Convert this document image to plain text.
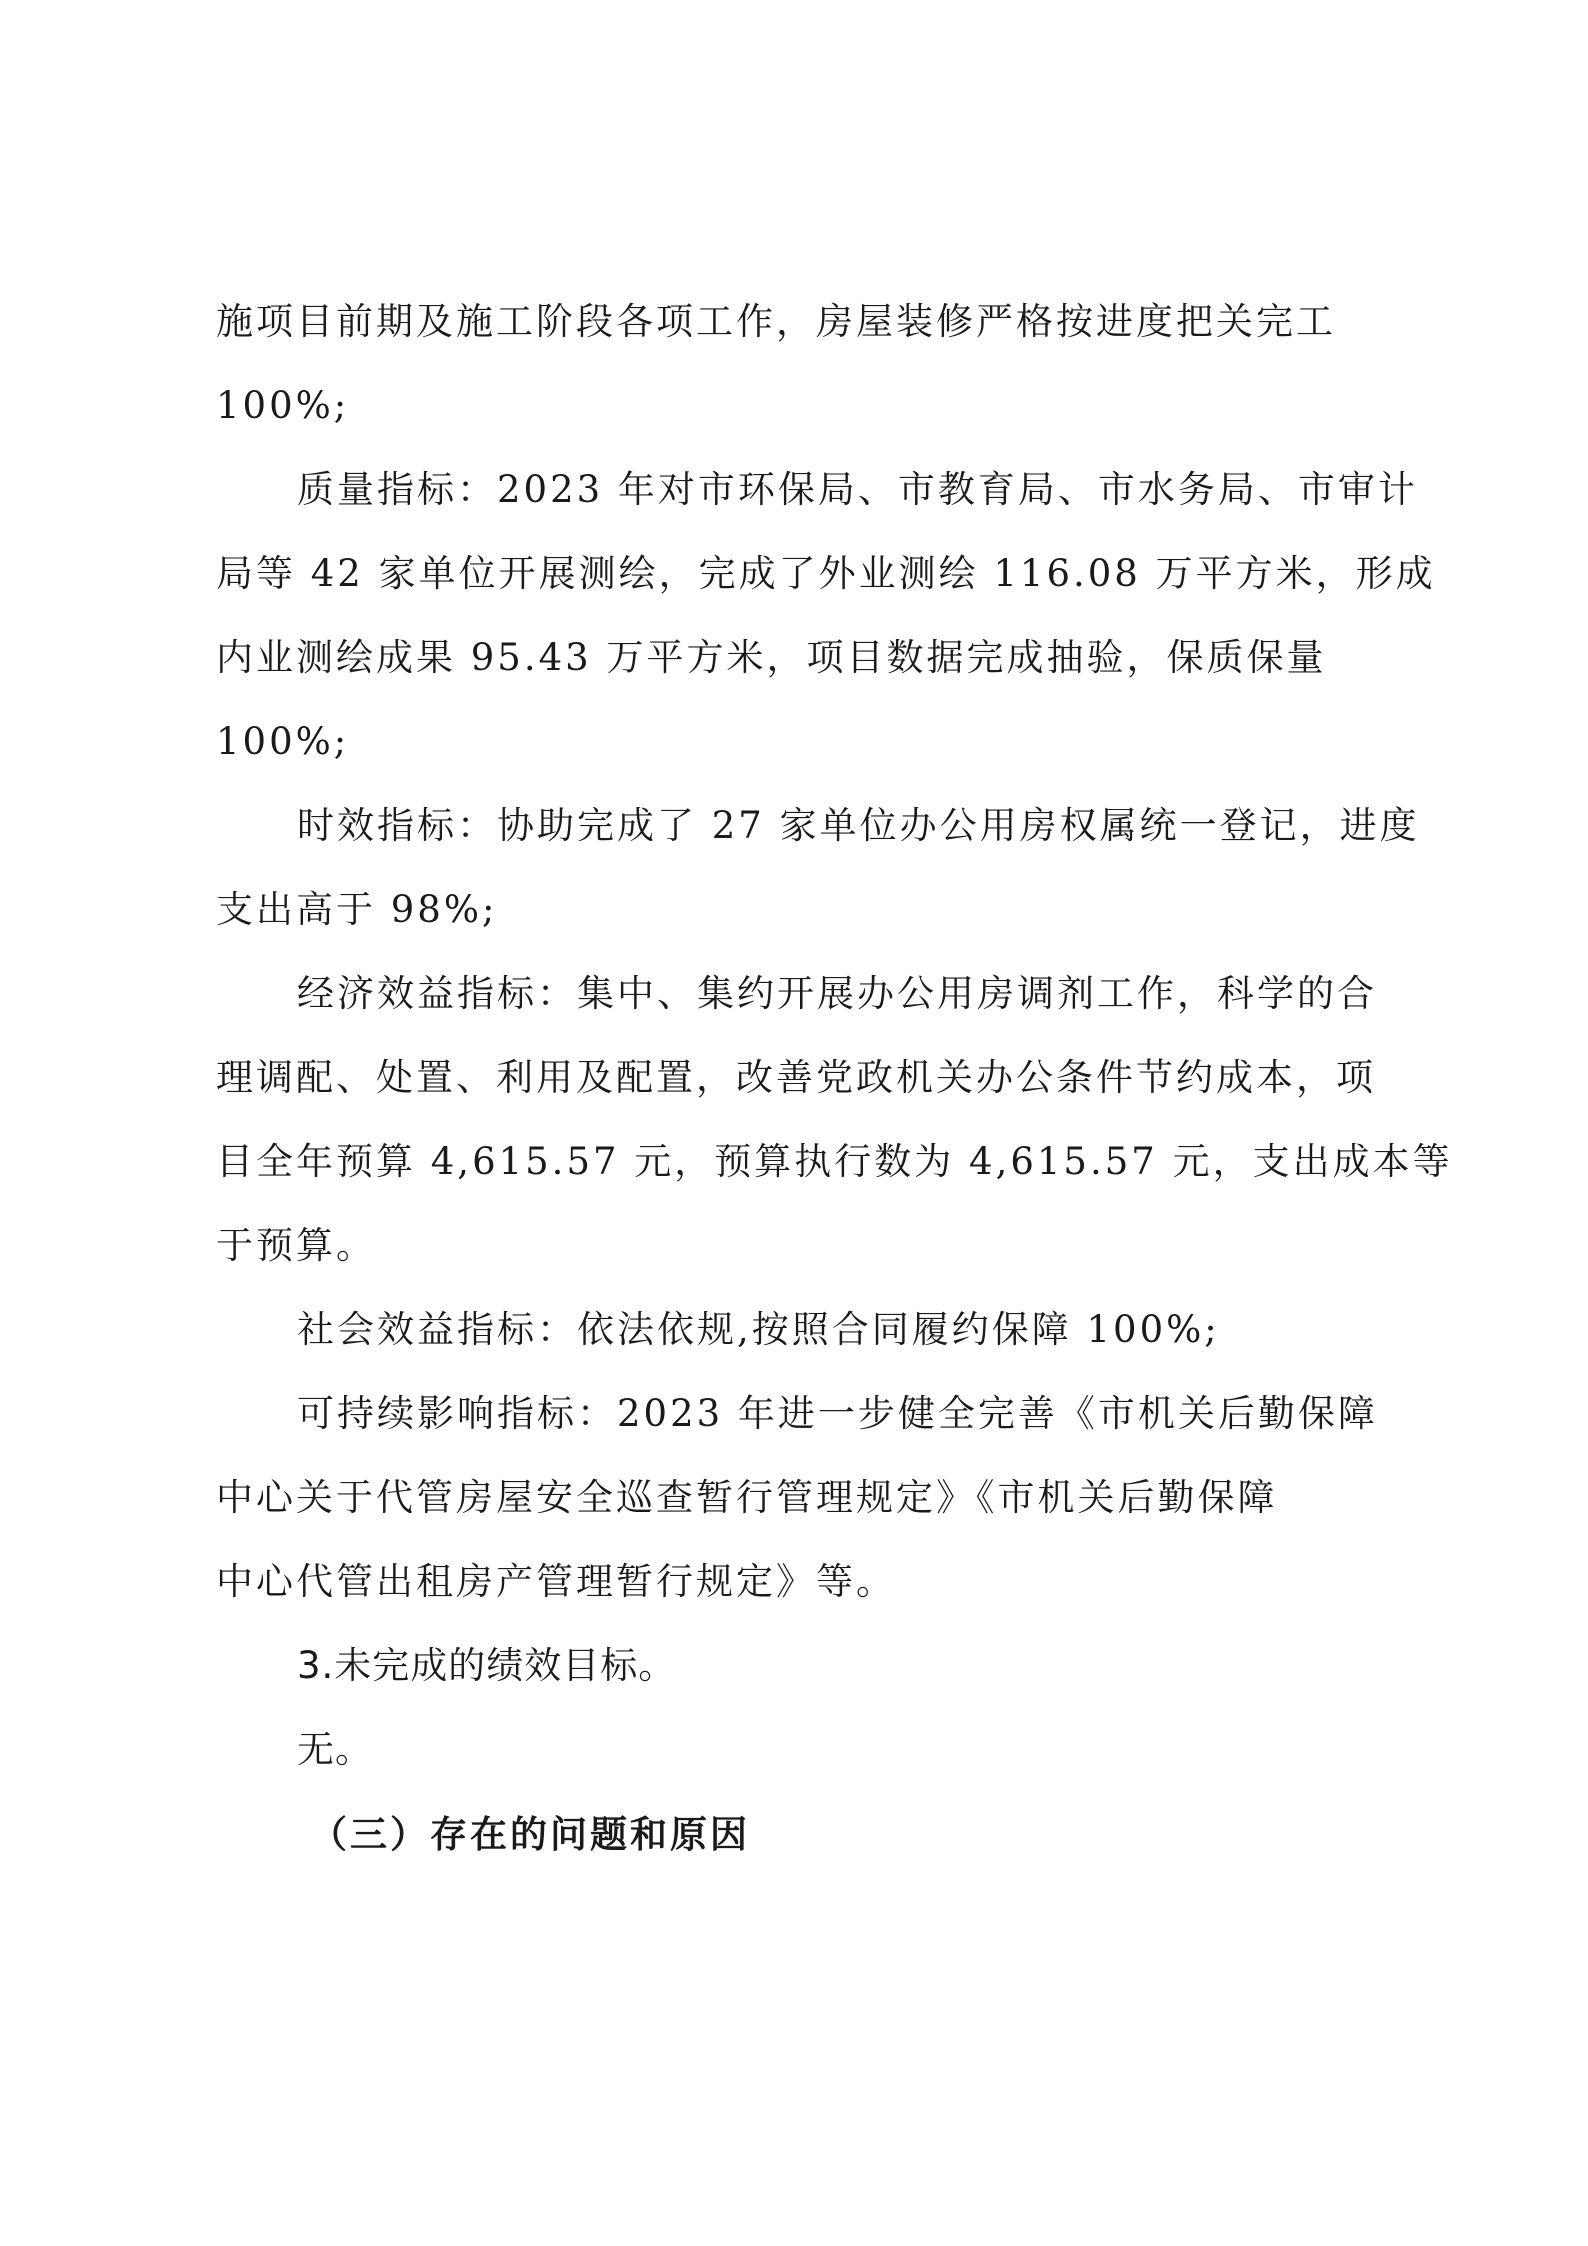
施项目前期及施工阶段各项工作，房屋装修严格按进度把关完工
100%;
质量指标：2023 年对市环保局、市教育局、市水务局、市审计
局等 42 家单位开展测绘，完成了外业测绘 116.08 万平方米，形成
内业测绘成果 95.43 万平方米，项目数据完成抽验，保质保量
100%;
时效指标：协助完成了 27 家单位办公用房权属统一登记，进度
支出高于 98%;
经济效益指标：集中、集约开展办公用房调剂工作，科学的合
理调配、处置、利用及配置，改善党政机关办公条件节约成本，项
目全年预算 4,615.57 元，预算执行数为 4,615.57 元，支出成本等
于预算。
社会效益指标：依法依规,按照合同履约保障 100%;
可持续影响指标：2023 年进一步健全完善《市机关后勤保障
中心关于代管房屋安全巡查暂行管理规定》《市机关后勤保障
中心代管出租房产管理暂行规定》等。
3.未完成的绩效目标。
无。
（三）存在的问题和原因
